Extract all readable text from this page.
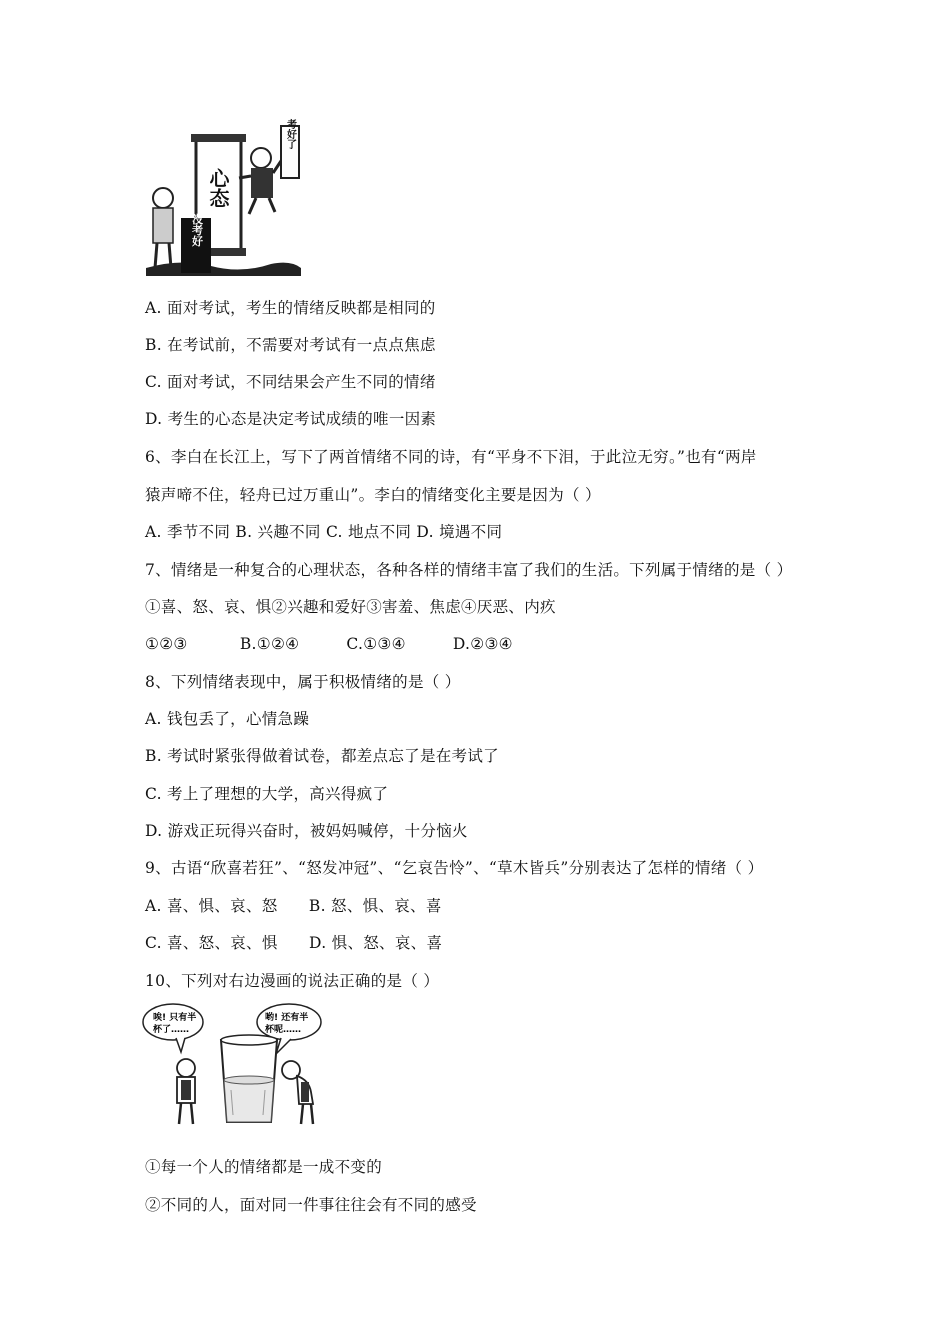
心态
没考好
考好了
A. 面对考试，考生的情绪反映都是相同的
B. 在考试前，不需要对考试有一点点焦虑
C. 面对考试，不同结果会产生不同的情绪
D. 考生的心态是决定考试成绩的唯一因素
6、李白在长江上，写下了两首情绪不同的诗，有“平身不下泪，于此泣无穷。”也有“两岸
猿声啼不住，轻舟已过万重山”。李白的情绪变化主要是因为（ ）
A. 季节不同 B. 兴趣不同 C. 地点不同 D. 境遇不同
7、情绪是一种复合的心理状态，各种各样的情绪丰富了我们的生活。下列属于情绪的是（ ）
①喜、怒、哀、惧②兴趣和爱好③害羞、焦虑④厌恶、内疚
①②③          B.①②④         C.①③④         D.②③④
8、下列情绪表现中，属于积极情绪的是（ ）
A. 钱包丢了，心情急躁
B. 考试时紧张得做着试卷，都差点忘了是在考试了
C. 考上了理想的大学，高兴得疯了
D. 游戏正玩得兴奋时，被妈妈喊停，十分恼火
9、古语“欣喜若狂”、“怒发冲冠”、“乞哀告怜”、“草木皆兵”分别表达了怎样的情绪（ ）
A. 喜、惧、哀、怒      B. 怒、惧、哀、喜
C. 喜、怒、哀、惧      D. 惧、怒、哀、喜
10、下列对右边漫画的说法正确的是（ ）
唉! 只有半
杯了……
哟! 还有半
杯呢……
①每一个人的情绪都是一成不变的
②不同的人，面对同一件事往往会有不同的感受
